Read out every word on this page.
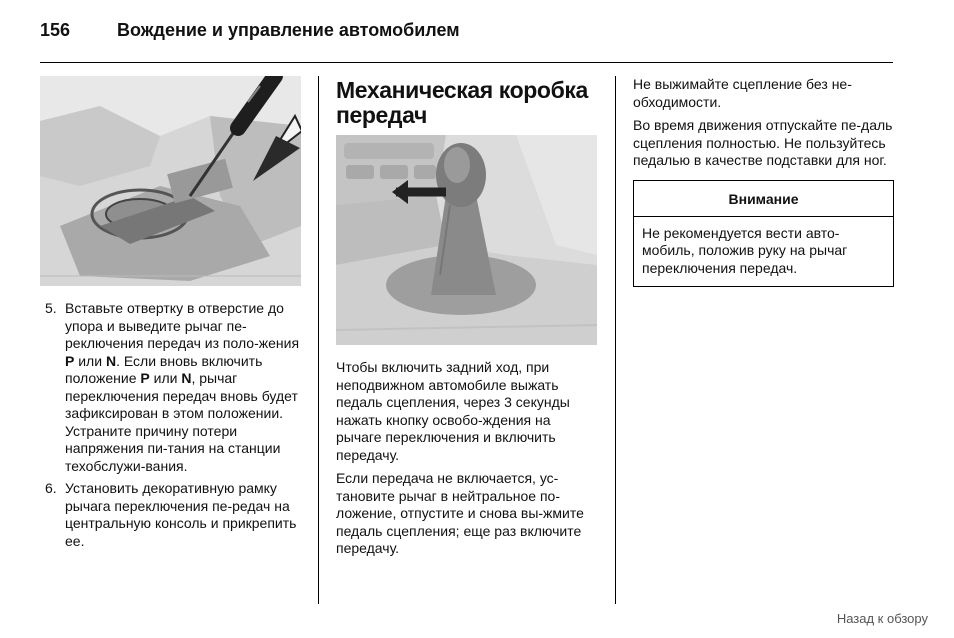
156	Вождение и управление автомобилем
5. Вставьте отвертку в отверстие до упора и выведите рычаг пе-реключения передач из поло-жения P или N. Если вновь включить положение P или N, рычаг переключения передач вновь будет зафиксирован в этом положении. Устраните причину потери напряжения пи-тания на станции техобслужи-вания.
6. Установить декоративную рамку рычага переключения пе-редач на центральную консоль и прикрепить ее.
Механическая коробка передач

Чтобы включить задний ход, при неподвижном автомобиле выжать педаль сцепления, через 3 секунды нажать кнопку освобо-ждения на рычаге переключения и включить передачу.

Если передача не включается, ус-тановите рычаг в нейтральное по-ложение, отпустите и снова вы-жмите педаль сцепления; еще раз включите передачу.

Не выжимайте сцепление без не-обходимости.

Во время движения отпускайте пе-даль сцепления полностью. Не пользуйтесь педалью в качестве подставки для ног.

Внимание
Не рекомендуется вести авто-мобиль, положив руку на рычаг переключения передач.
Назад к обзору
